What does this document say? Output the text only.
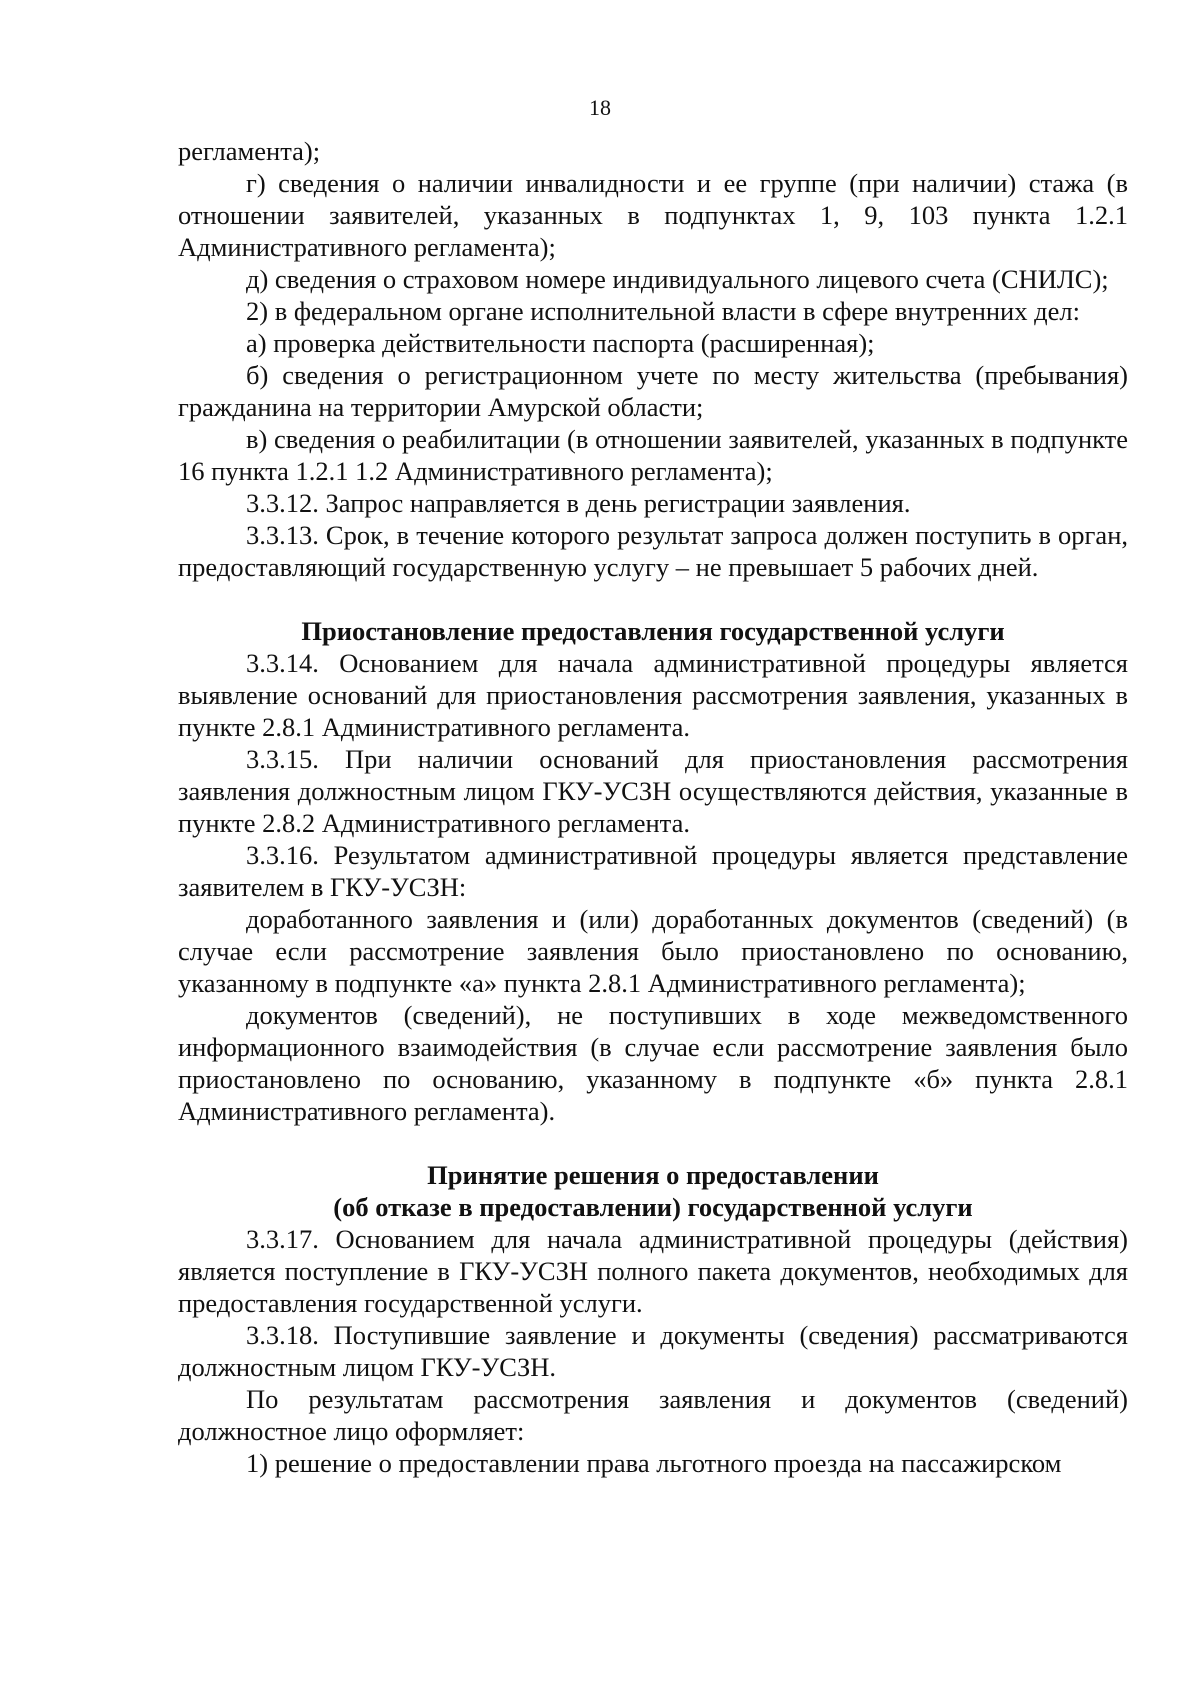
18

регламента);

г) сведения о наличии инвалидности и ее группе (при наличии) стажа (в отношении заявителей, указанных в подпунктах 1, 9, 103 пункта 1.2.1 Административного регламента);

д) сведения о страховом номере индивидуального лицевого счета (СНИЛС);

2) в федеральном органе исполнительной власти в сфере внутренних дел:

а) проверка действительности паспорта (расширенная);

б) сведения о регистрационном учете по месту жительства (пребывания) гражданина на территории Амурской области;

в) сведения о реабилитации (в отношении заявителей, указанных в подпункте 16 пункта 1.2.1 1.2 Административного регламента);

3.3.12. Запрос направляется в день регистрации заявления.

3.3.13. Срок, в течение которого результат запроса должен поступить в орган, предоставляющий государственную услугу – не превышает 5 рабочих дней.

Приостановление предоставления государственной услуги

3.3.14. Основанием для начала административной процедуры является выявление оснований для приостановления рассмотрения заявления, указанных в пункте 2.8.1 Административного регламента.

3.3.15. При наличии оснований для приостановления рассмотрения заявления должностным лицом ГКУ-УСЗН осуществляются действия, указанные в пункте 2.8.2 Административного регламента.

3.3.16. Результатом административной процедуры является представление заявителем в ГКУ-УСЗН:

доработанного заявления и (или) доработанных документов (сведений) (в случае если рассмотрение заявления было приостановлено по основанию, указанному в подпункте «а» пункта 2.8.1 Административного регламента);

документов (сведений), не поступивших в ходе межведомственного информационного взаимодействия (в случае если рассмотрение заявления было приостановлено по основанию, указанному в подпункте «б» пункта 2.8.1 Административного регламента).

Принятие решения о предоставлении

(об отказе в предоставлении) государственной услуги

3.3.17. Основанием для начала административной процедуры (действия) является поступление в ГКУ-УСЗН полного пакета документов, необходимых для предоставления государственной услуги.

3.3.18. Поступившие заявление и документы (сведения) рассматриваются должностным лицом ГКУ-УСЗН.

По результатам рассмотрения заявления и документов (сведений) должностное лицо оформляет:

1) решение о предоставлении права льготного проезда на пассажирском
